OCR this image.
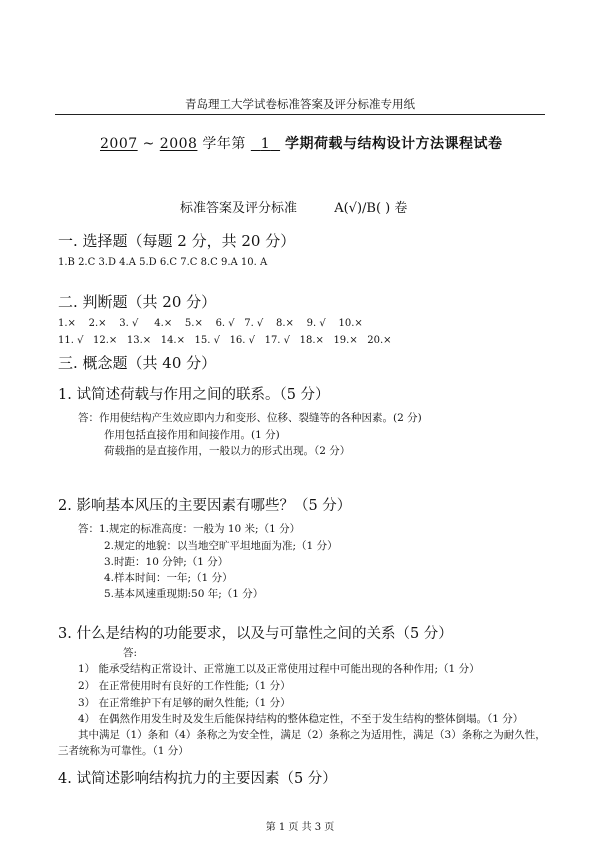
青岛理工大学试卷标准答案及评分标准专用纸
2007 ~ 2008 学年第 1 学期荷载与结构设计方法课程试卷
标准答案及评分标准	A(√)/B( ) 卷
一. 选择题（每题 2 分，共 20 分）
1.B 2.C 3.D 4.A 5.D 6.C 7.C 8.C 9.A 10. A
二. 判断题（共 20 分）
1.× 2.× 3. √ 4.× 5.× 6. √ 7. √ 8.× 9. √ 10.×
11. √ 12.× 13.× 14.× 15. √ 16. √ 17. √ 18.× 19.× 20.×
三. 概念题（共 40 分）
1. 试简述荷载与作用之间的联系。（5 分）
答：作用使结构产生效应即内力和变形、位移、裂缝等的各种因素。(2 分)
作用包括直接作用和间接作用。(1 分)
荷载指的是直接作用，一般以力的形式出现。（2 分）
2. 影响基本风压的主要因素有哪些？（5 分）
答：1.规定的标准高度：一般为 10 米;（1 分）
2.规定的地貌：以当地空旷平坦地面为准;（1 分）
3.时距：10 分钟;（1 分）
4.样本时间：一年;（1 分）
5.基本风速重现期:50 年;（1 分）
3. 什么是结构的功能要求，以及与可靠性之间的关系（5 分）
答:
1） 能承受结构正常设计、正常施工以及正常使用过程中可能出现的各种作用;（1 分）
2） 在正常使用时有良好的工作性能;（1 分）
3） 在正常维护下有足够的耐久性能;（1 分）
4） 在偶然作用发生时及发生后能保持结构的整体稳定性，不至于发生结构的整体倒塌。（1 分）
其中满足（1）条和（4）条称之为安全性，满足（2）条称之为适用性，满足（3）条称之为耐久性，
三者统称为可靠性。（1 分）
4. 试简述影响结构抗力的主要因素（5 分）
第 1 页 共 3 页
